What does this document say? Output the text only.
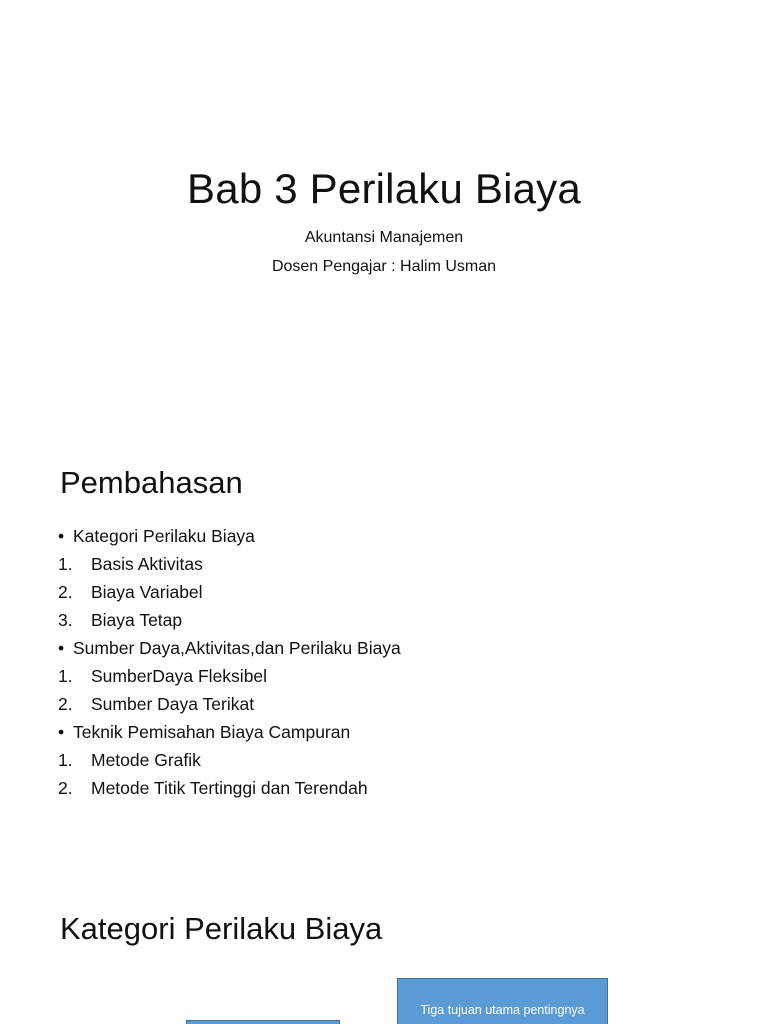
Bab 3 Perilaku Biaya

Akuntansi Manajemen

Dosen Pengajar : Halim Usman

Pembahasan
• Kategori Perilaku Biaya
1.	Basis Aktivitas
2.	Biaya Variabel
3.	Biaya Tetap
• Sumber Daya,Aktivitas,dan Perilaku Biaya
1.	SumberDaya Fleksibel
2.	Sumber Daya Terikat
• Teknik Pemisahan Biaya Campuran
1.	Metode Grafik
2.	Metode Titik Tertinggi dan Terendah
Kategori Perilaku Biaya
Tiga tujuan utama pentingnya
